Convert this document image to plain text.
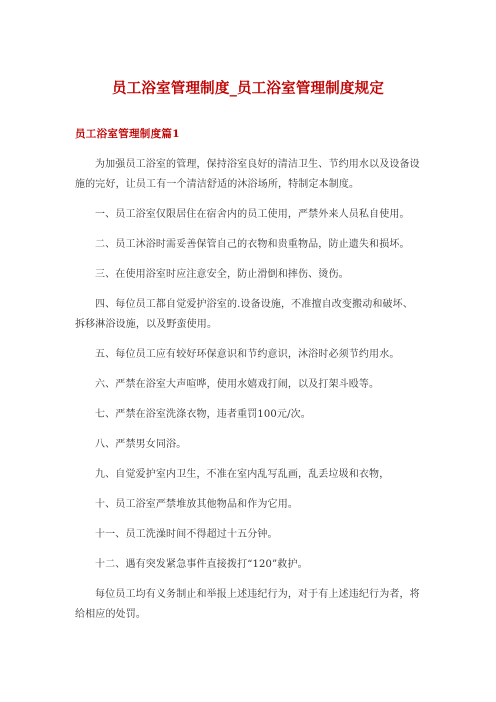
员工浴室管理制度_员工浴室管理制度规定
员工浴室管理制度篇1

为加强员工浴室的管理，保持浴室良好的清洁卫生、节约用水以及设备设施的完好，让员工有一个清洁舒适的沐浴场所，特制定本制度。

一、员工浴室仅限居住在宿舍内的员工使用，严禁外来人员私自使用。

二、员工沐浴时需妥善保管自己的衣物和贵重物品，防止遗失和损坏。

三、在使用浴室时应注意安全，防止滑倒和摔伤、烫伤。

四、每位员工都自觉爱护浴室的.设备设施，不准擅自改变搬动和破坏、拆移淋浴设施，以及野蛮使用。

五、每位员工应有较好环保意识和节约意识，沐浴时必须节约用水。

六、严禁在浴室大声喧哗，使用水嬉戏打闹，以及打架斗殴等。

七、严禁在浴室洗涤衣物，违者重罚100元/次。

八、严禁男女同浴。

九、自觉爱护室内卫生，不准在室内乱写乱画，乱丢垃圾和衣物，

十、员工浴室严禁堆放其他物品和作为它用。

十一、员工洗澡时间不得超过十五分钟。

十二、遇有突发紧急事件直接拨打“120”救护。

每位员工均有义务制止和举报上述违纪行为，对于有上述违纪行为者，将给相应的处罚。
